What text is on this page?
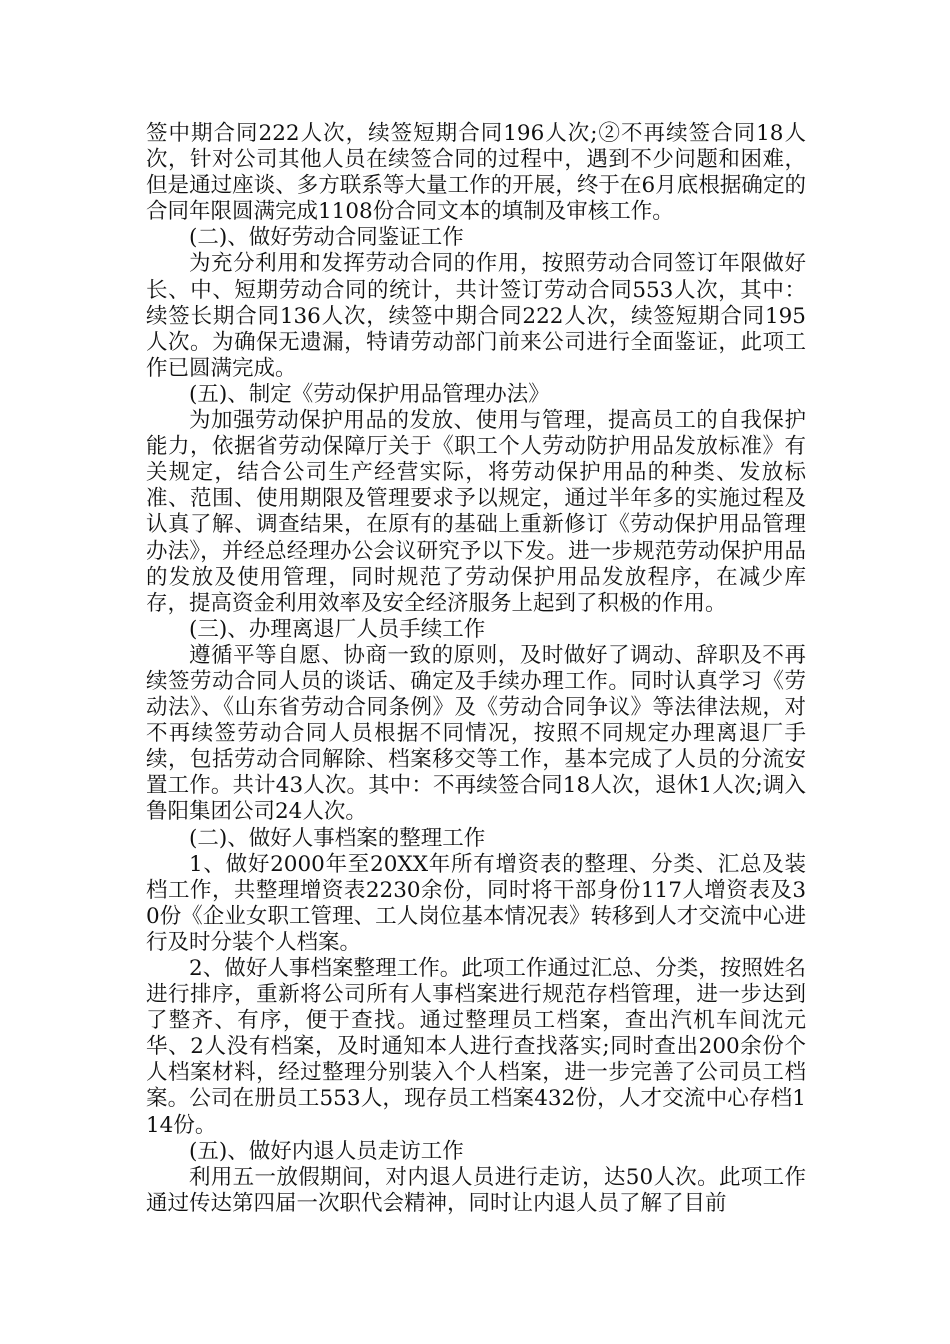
签中期合同222人次，续签短期合同196人次;②不再续签合同18人次，针对公司其他人员在续签合同的过程中，遇到不少问题和困难，但是通过座谈、多方联系等大量工作的开展，终于在6月底根据确定的合同年限圆满完成1108份合同文本的填制及审核工作。

(二)、做好劳动合同鉴证工作

为充分利用和发挥劳动合同的作用，按照劳动合同签订年限做好长、中、短期劳动合同的统计，共计签订劳动合同553人次，其中：续签长期合同136人次，续签中期合同222人次，续签短期合同195人次。为确保无遗漏，特请劳动部门前来公司进行全面鉴证，此项工作已圆满完成。

(五)、制定《劳动保护用品管理办法》

为加强劳动保护用品的发放、使用与管理，提高员工的自我保护能力，依据省劳动保障厅关于《职工个人劳动防护用品发放标准》有关规定，结合公司生产经营实际，将劳动保护用品的种类、发放标准、范围、使用期限及管理要求予以规定，通过半年多的实施过程及认真了解、调查结果，在原有的基础上重新修订《劳动保护用品管理办法》，并经总经理办公会议研究予以下发。进一步规范劳动保护用品的发放及使用管理，同时规范了劳动保护用品发放程序，在减少库存，提高资金利用效率及安全经济服务上起到了积极的作用。

(三)、办理离退厂人员手续工作

遵循平等自愿、协商一致的原则，及时做好了调动、辞职及不再续签劳动合同人员的谈话、确定及手续办理工作。同时认真学习《劳动法》、《山东省劳动合同条例》及《劳动合同争议》等法律法规，对不再续签劳动合同人员根据不同情况，按照不同规定办理离退厂手续，包括劳动合同解除、档案移交等工作，基本完成了人员的分流安置工作。共计43人次。其中：不再续签合同18人次，退休1人次;调入鲁阳集团公司24人次。

(二)、做好人事档案的整理工作

1、做好2000年至20XX年所有增资表的整理、分类、汇总及装档工作，共整理增资表2230余份，同时将干部身份117人增资表及30份《企业女职工管理、工人岗位基本情况表》转移到人才交流中心进行及时分装个人档案。

2、做好人事档案整理工作。此项工作通过汇总、分类，按照姓名进行排序，重新将公司所有人事档案进行规范存档管理，进一步达到了整齐、有序，便于查找。通过整理员工档案，查出汽机车间沈元华、2人没有档案，及时通知本人进行查找落实;同时查出200余份个人档案材料，经过整理分别装入个人档案，进一步完善了公司员工档案。公司在册员工553人，现存员工档案432份，人才交流中心存档114份。

(五)、做好内退人员走访工作

利用五一放假期间，对内退人员进行走访，达50人次。此项工作通过传达第四届一次职代会精神，同时让内退人员了解了目前
